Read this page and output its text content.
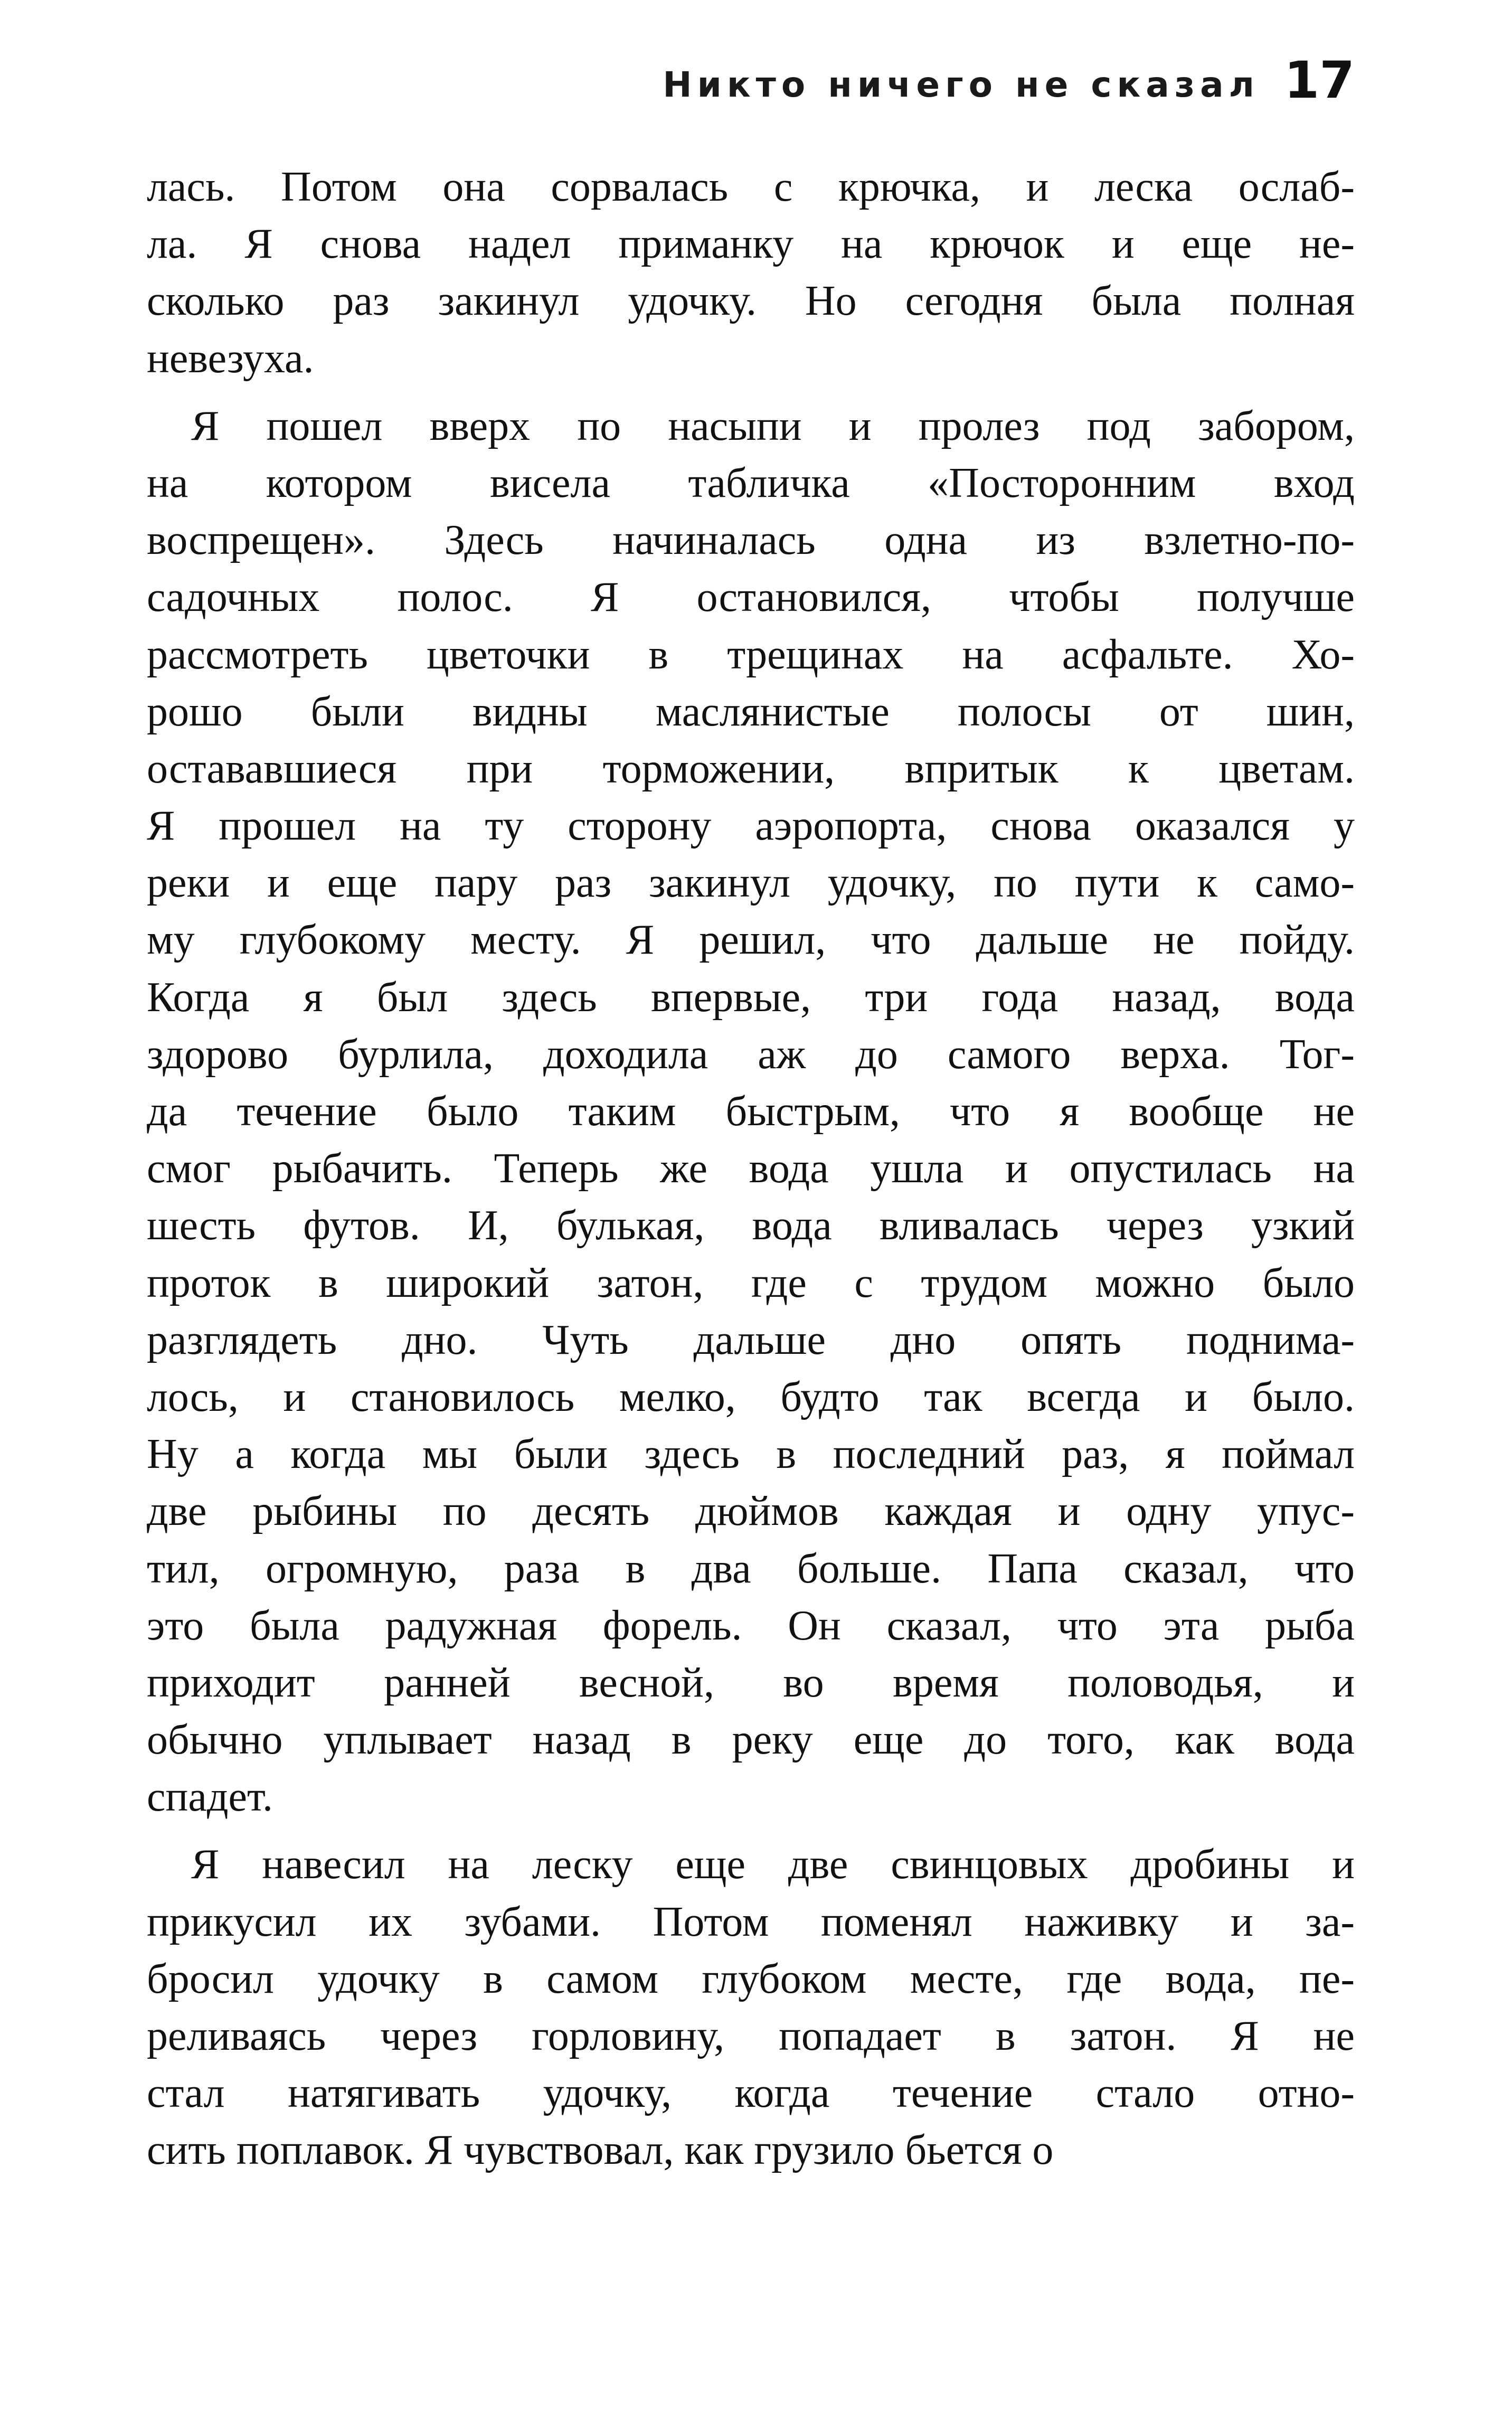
Никто ничего не сказал 17
лась. Потом она сорвалась с крючка, и леска ослаб-
ла. Я снова надел приманку на крючок и еще не-
сколько раз закинул удочку. Но сегодня была полная
невезуха.
Я пошел вверх по насыпи и пролез под забором,
на котором висела табличка «Посторонним вход
воспрещен». Здесь начиналась одна из взлетно-по-
садочных полос. Я остановился, чтобы получше
рассмотреть цветочки в трещинах на асфальте. Хо-
рошо были видны маслянистые полосы от шин,
остававшиеся при торможении, впритык к цветам.
Я прошел на ту сторону аэропорта, снова оказался у
реки и еще пару раз закинул удочку, по пути к само-
му глубокому месту. Я решил, что дальше не пойду.
Когда я был здесь впервые, три года назад, вода
здорово бурлила, доходила аж до самого верха. Тог-
да течение было таким быстрым, что я вообще не
смог рыбачить. Теперь же вода ушла и опустилась на
шесть футов. И, булькая, вода вливалась через узкий
проток в широкий затон, где с трудом можно было
разглядеть дно. Чуть дальше дно опять поднима-
лось, и становилось мелко, будто так всегда и было.
Ну а когда мы были здесь в последний раз, я поймал
две рыбины по десять дюймов каждая и одну упус-
тил, огромную, раза в два больше. Папа сказал, что
это была радужная форель. Он сказал, что эта рыба
приходит ранней весной, во время половодья, и
обычно уплывает назад в реку еще до того, как вода
спадет.
Я навесил на леску еще две свинцовых дробины и
прикусил их зубами. Потом поменял наживку и за-
бросил удочку в самом глубоком месте, где вода, пе-
реливаясь через горловину, попадает в затон. Я не
стал натягивать удочку, когда течение стало отно-
сить поплавок. Я чувствовал, как грузило бьется о
